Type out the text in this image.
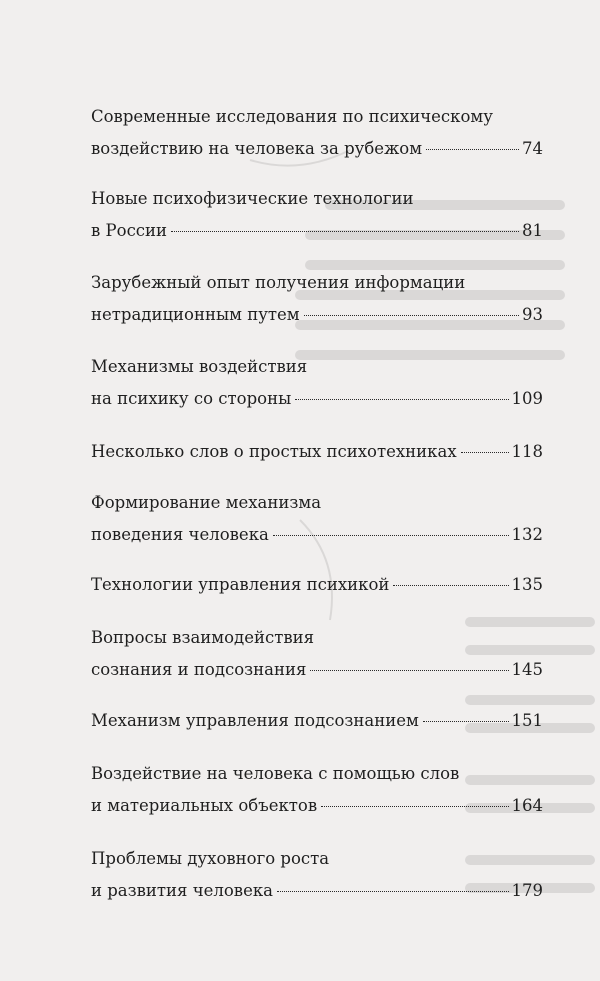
Современные исследования по психическому
воздействию на человека за рубежом	74
Новые психофизические технологии
в России	81
Зарубежный опыт получения информации
нетрадиционным путем	93
Механизмы воздействия
на психику со стороны	109
Несколько слов о простых психотехниках	118
Формирование механизма
поведения человека	132
Технологии управления психикой	135
Вопросы взаимодействия
сознания и подсознания	145
Механизм управления подсознанием	151
Воздействие на человека с помощью слов
и материальных объектов	164
Проблемы духовного роста
и развития человека	179
